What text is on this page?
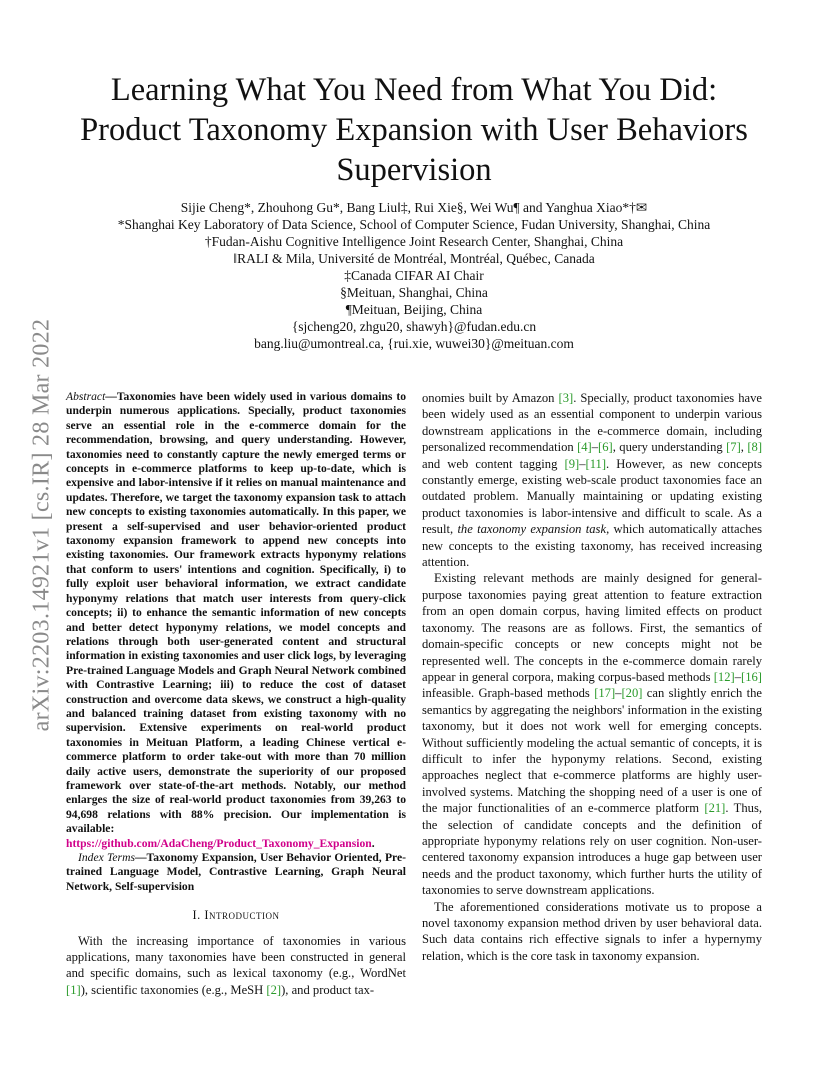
arXiv:2203.14921v1 [cs.IR] 28 Mar 2022
Learning What You Need from What You Did: Product Taxonomy Expansion with User Behaviors Supervision
Sijie Cheng*, Zhouhong Gu*, Bang Liu‖‡, Rui Xie§, Wei Wu¶ and Yanghua Xiao*†✉
*Shanghai Key Laboratory of Data Science, School of Computer Science, Fudan University, Shanghai, China
†Fudan-Aishu Cognitive Intelligence Joint Research Center, Shanghai, China
‖RALI & Mila, Université de Montréal, Montréal, Québec, Canada
‡Canada CIFAR AI Chair
§Meituan, Shanghai, China
¶Meituan, Beijing, China
{sjcheng20, zhgu20, shawyh}@fudan.edu.cn
bang.liu@umontreal.ca, {rui.xie, wuwei30}@meituan.com

Abstract—Taxonomies have been widely used in various domains to underpin numerous applications. Specially, product taxonomies serve an essential role in the e-commerce domain for the recommendation, browsing, and query understanding. However, taxonomies need to constantly capture the newly emerged terms or concepts in e-commerce platforms to keep up-to-date, which is expensive and labor-intensive if it relies on manual maintenance and updates. Therefore, we target the taxonomy expansion task to attach new concepts to existing taxonomies automatically. In this paper, we present a self-supervised and user behavior-oriented product taxonomy expansion framework to append new concepts into existing taxonomies. Our framework extracts hyponymy relations that conform to users' intentions and cognition. Specifically, i) to fully exploit user behavioral information, we extract candidate hyponymy relations that match user interests from query-click concepts; ii) to enhance the semantic information of new concepts and better detect hyponymy relations, we model concepts and relations through both user-generated content and structural information in existing taxonomies and user click logs, by leveraging Pre-trained Language Models and Graph Neural Network combined with Contrastive Learning; iii) to reduce the cost of dataset construction and overcome data skews, we construct a high-quality and balanced training dataset from existing taxonomy with no supervision. Extensive experiments on real-world product taxonomies in Meituan Platform, a leading Chinese vertical e-commerce platform to order take-out with more than 70 million daily active users, demonstrate the superiority of our proposed framework over state-of-the-art methods. Notably, our method enlarges the size of real-world product taxonomies from 39,263 to 94,698 relations with 88% precision. Our implementation is available: https://github.com/AdaCheng/Product_Taxonomy_Expansion.

Index Terms—Taxonomy Expansion, User Behavior Oriented, Pre-trained Language Model, Contrastive Learning, Graph Neural Network, Self-supervision

I. Introduction

With the increasing importance of taxonomies in various applications, many taxonomies have been constructed in general and specific domains, such as lexical taxonomy (e.g., WordNet [1]), scientific taxonomies (e.g., MeSH [2]), and product tax-

onomies built by Amazon [3]. Specially, product taxonomies have been widely used as an essential component to underpin various downstream applications in the e-commerce domain, including personalized recommendation [4]–[6], query understanding [7], [8] and web content tagging [9]–[11]. However, as new concepts constantly emerge, existing web-scale product taxonomies face an outdated problem. Manually maintaining or updating existing product taxonomies is labor-intensive and difficult to scale. As a result, the taxonomy expansion task, which automatically attaches new concepts to the existing taxonomy, has received increasing attention.

Existing relevant methods are mainly designed for general-purpose taxonomies paying great attention to feature extraction from an open domain corpus, having limited effects on product taxonomy. The reasons are as follows. First, the semantics of domain-specific concepts or new concepts might not be represented well. The concepts in the e-commerce domain rarely appear in general corpora, making corpus-based methods [12]–[16] infeasible. Graph-based methods [17]–[20] can slightly enrich the semantics by aggregating the neighbors' information in the existing taxonomy, but it does not work well for emerging concepts. Without sufficiently modeling the actual semantic of concepts, it is difficult to infer the hyponymy relations. Second, existing approaches neglect that e-commerce platforms are highly user-involved systems. Matching the shopping need of a user is one of the major functionalities of an e-commerce platform [21]. Thus, the selection of candidate concepts and the definition of appropriate hyponymy relations rely on user cognition. Non-user-centered taxonomy expansion introduces a huge gap between user needs and the product taxonomy, which further hurts the utility of taxonomies to serve downstream applications.

The aforementioned considerations motivate us to propose a novel taxonomy expansion method driven by user behavioral data. Such data contains rich effective signals to infer a hypernymy relation, which is the core task in taxonomy expansion.
